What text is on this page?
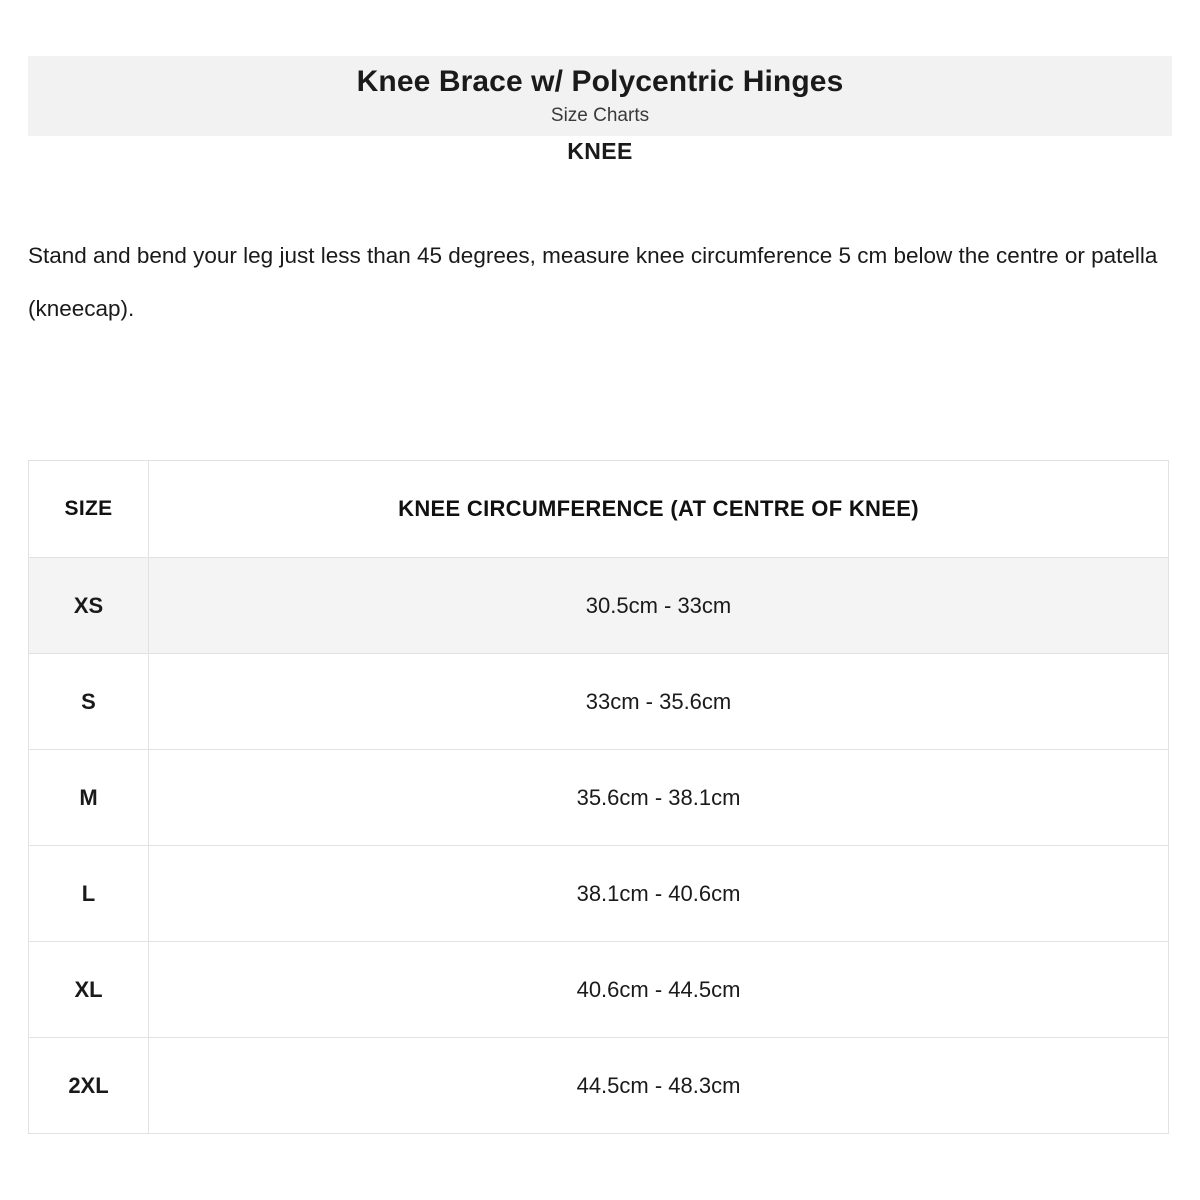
Knee Brace w/ Polycentric Hinges
Size Charts
KNEE

Stand and bend your leg just less than 45 degrees, measure knee circumference 5 cm below the centre or patella (kneecap).

SIZE	KNEE CIRCUMFERENCE (AT CENTRE OF KNEE)
XS	30.5cm - 33cm
S	33cm - 35.6cm
M	35.6cm - 38.1cm
L	38.1cm - 40.6cm
XL	40.6cm - 44.5cm
2XL	44.5cm - 48.3cm
